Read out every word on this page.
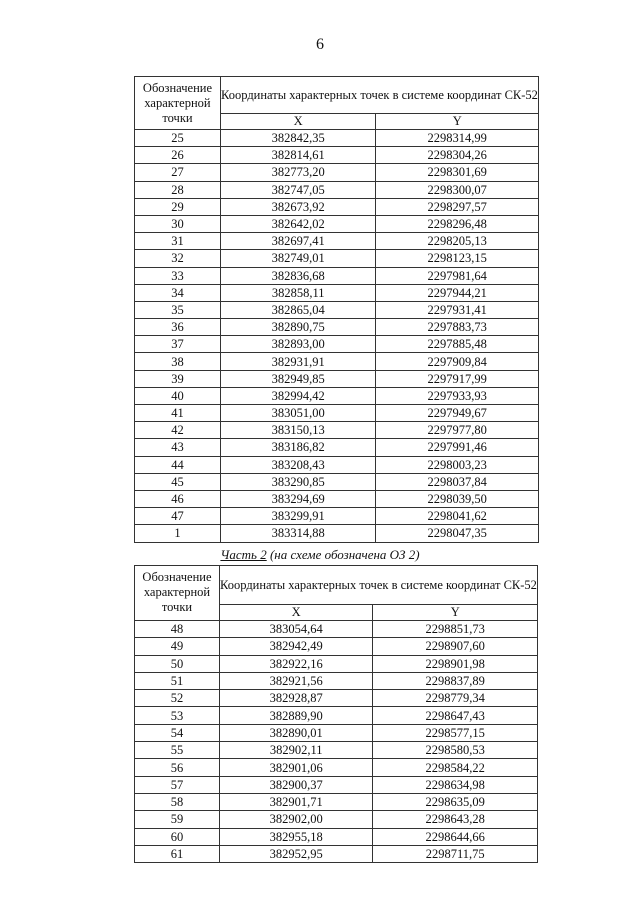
6
Обозначение характерной точки	Координаты характерных точек в системе координат СК-52	
	X	Y
25	382842,35	2298314,99
26	382814,61	2298304,26
27	382773,20	2298301,69
28	382747,05	2298300,07
29	382673,92	2298297,57
30	382642,02	2298296,48
31	382697,41	2298205,13
32	382749,01	2298123,15
33	382836,68	2297981,64
34	382858,11	2297944,21
35	382865,04	2297931,41
36	382890,75	2297883,73
37	382893,00	2297885,48
38	382931,91	2297909,84
39	382949,85	2297917,99
40	382994,42	2297933,93
41	383051,00	2297949,67
42	383150,13	2297977,80
43	383186,82	2297991,46
44	383208,43	2298003,23
45	383290,85	2298037,84
46	383294,69	2298039,50
47	383299,91	2298041,62
1	383314,88	2298047,35
Часть 2 (на схеме обозначена ОЗ 2)
Обозначение характерной точки	Координаты характерных точек в системе координат СК-52	
	X	Y
48	383054,64	2298851,73
49	382942,49	2298907,60
50	382922,16	2298901,98
51	382921,56	2298837,89
52	382928,87	2298779,34
53	382889,90	2298647,43
54	382890,01	2298577,15
55	382902,11	2298580,53
56	382901,06	2298584,22
57	382900,37	2298634,98
58	382901,71	2298635,09
59	382902,00	2298643,28
60	382955,18	2298644,66
61	382952,95	2298711,75
